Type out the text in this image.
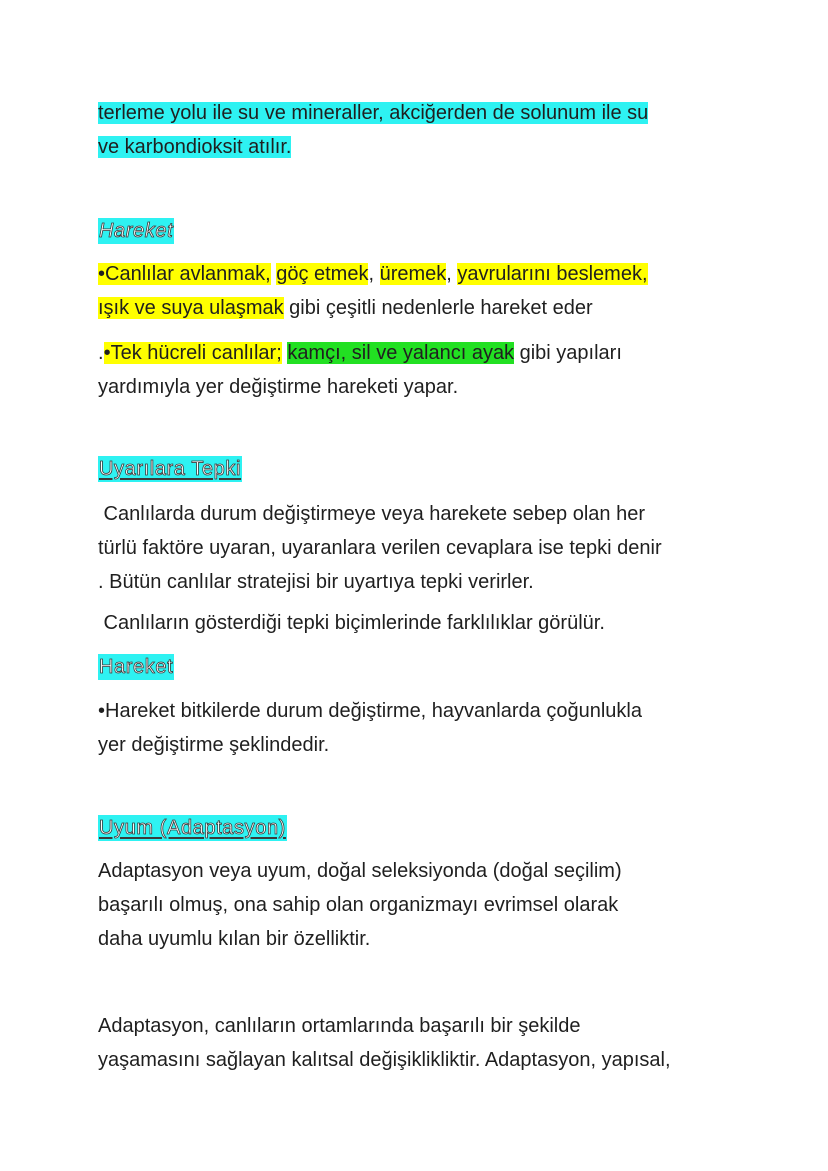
terleme yolu ile su ve mineraller, akciğerden de solunum ile su
ve karbondioksit atılır.
Hareket
•Canlılar avlanmak, göç etmek, üremek, yavrularını beslemek,
ışık ve suya ulaşmak gibi çeşitli nedenlerle hareket eder
.•Tek hücreli canlılar; kamçı, sil ve yalancı ayak gibi yapıları
yardımıyla yer değiştirme hareketi yapar.
Uyarılara Tepki
Canlılarda durum değiştirmeye veya harekete sebep olan her
türlü faktöre uyaran, uyaranlara verilen cevaplara ise tepki denir
. Bütün canlılar stratejisi bir uyartıya tepki verirler.
Canlıların gösterdiği tepki biçimlerinde farklılıklar görülür.
Hareket
•Hareket bitkilerde durum değiştirme, hayvanlarda çoğunlukla
yer değiştirme şeklindedir.
Uyum (Adaptasyon)
Adaptasyon veya uyum, doğal seleksiyonda (doğal seçilim)
başarılı olmuş, ona sahip olan organizmayı evrimsel olarak
daha uyumlu kılan bir özelliktir.
Adaptasyon, canlıların ortamlarında başarılı bir şekilde
yaşamasını sağlayan kalıtsal değişiklikliktir. Adaptasyon, yapısal,
